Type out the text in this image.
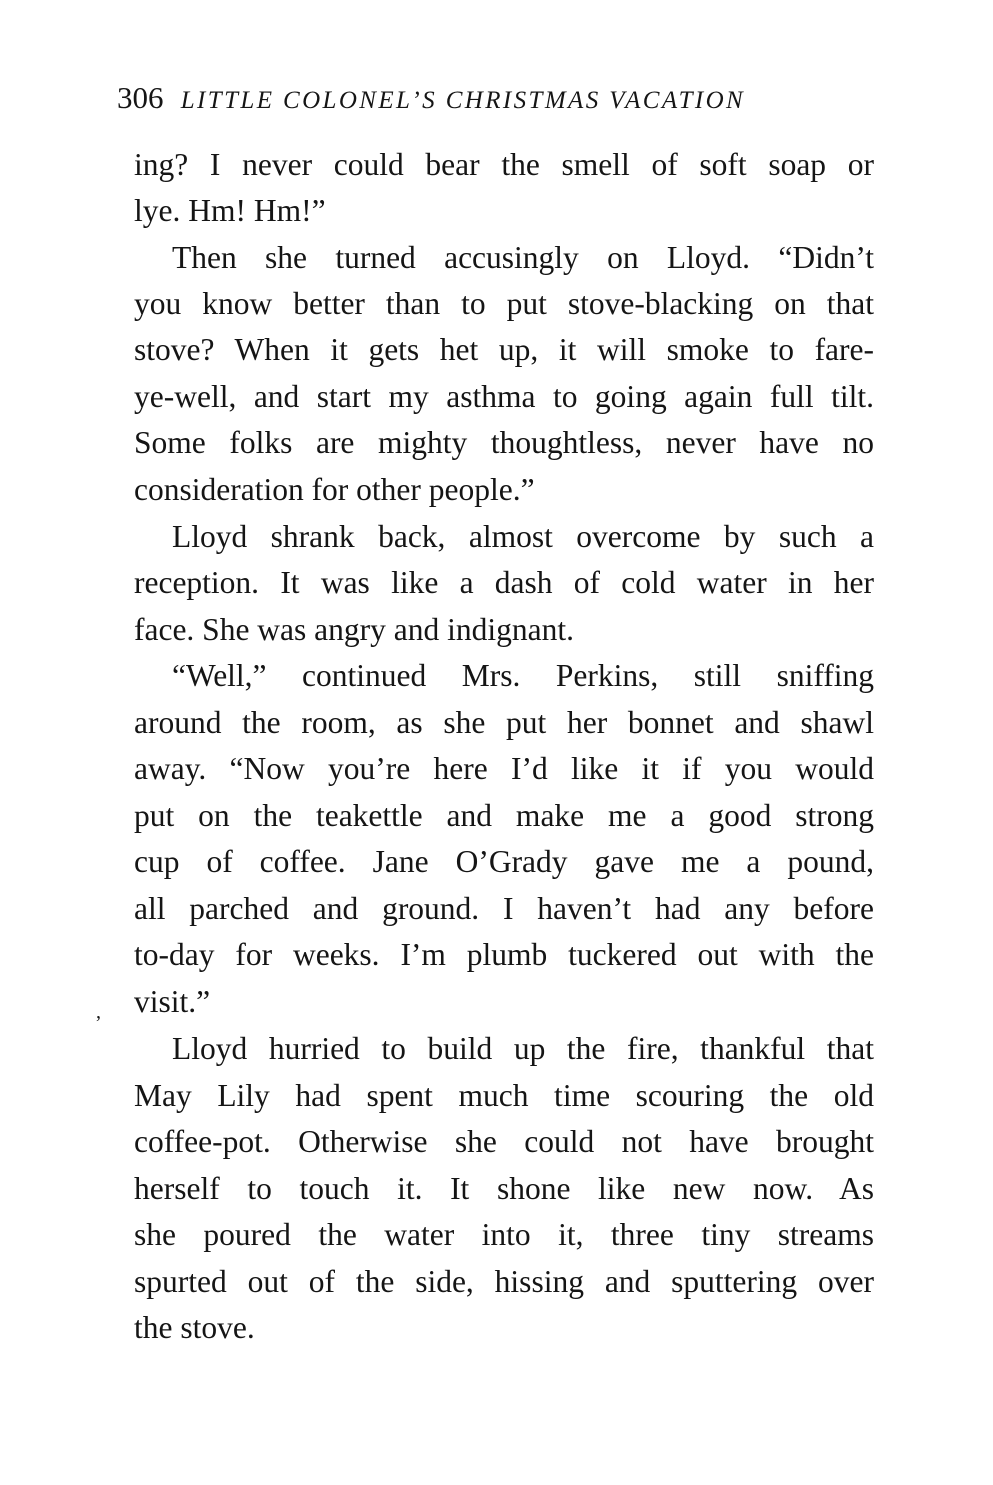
306 LITTLE COLONEL’S CHRISTMAS VACATION
ing? I never could bear the smell of soft soap or
lye. Hm! Hm!”
Then she turned accusingly on Lloyd. “Didn’t
you know better than to put stove-blacking on that
stove? When it gets het up, it will smoke to fare-
ye-well, and start my asthma to going again full tilt.
Some folks are mighty thoughtless, never have no
consideration for other people.”
Lloyd shrank back, almost overcome by such a
reception. It was like a dash of cold water in her
face. She was angry and indignant.
“Well,” continued Mrs. Perkins, still sniffing
around the room, as she put her bonnet and shawl
away. “Now you’re here I’d like it if you would
put on the teakettle and make me a good strong
cup of coffee. Jane O’Grady gave me a pound,
all parched and ground. I haven’t had any before
to-day for weeks. I’m plumb tuckered out with the
visit.”
’
Lloyd hurried to build up the fire, thankful that
May Lily had spent much time scouring the old
coffee-pot. Otherwise she could not have brought
herself to touch it. It shone like new now. As
she poured the water into it, three tiny streams
spurted out of the side, hissing and sputtering over
the stove.
